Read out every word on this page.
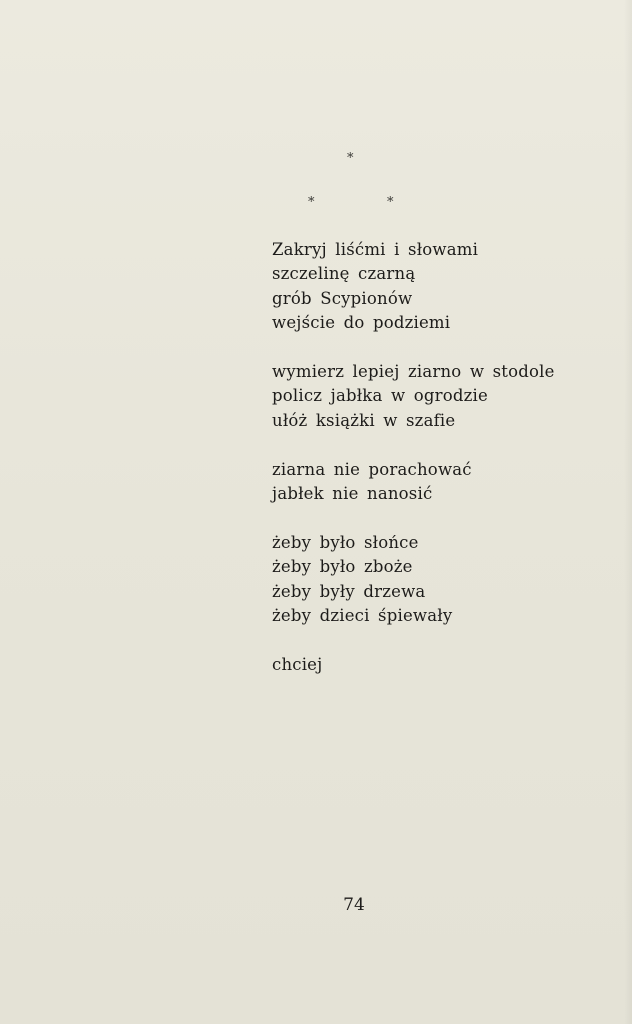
*
*	*
Zakryj liśćmi i słowami
szczelinę czarną
grób Scypionów
wejście do podziemi
wymierz lepiej ziarno w stodole
policz jabłka w ogrodzie
ułóż książki w szafie
ziarna nie porachować
jabłek nie nanosić
żeby było słońce
żeby było zboże
żeby były drzewa
żeby dzieci śpiewały
chciej
74
